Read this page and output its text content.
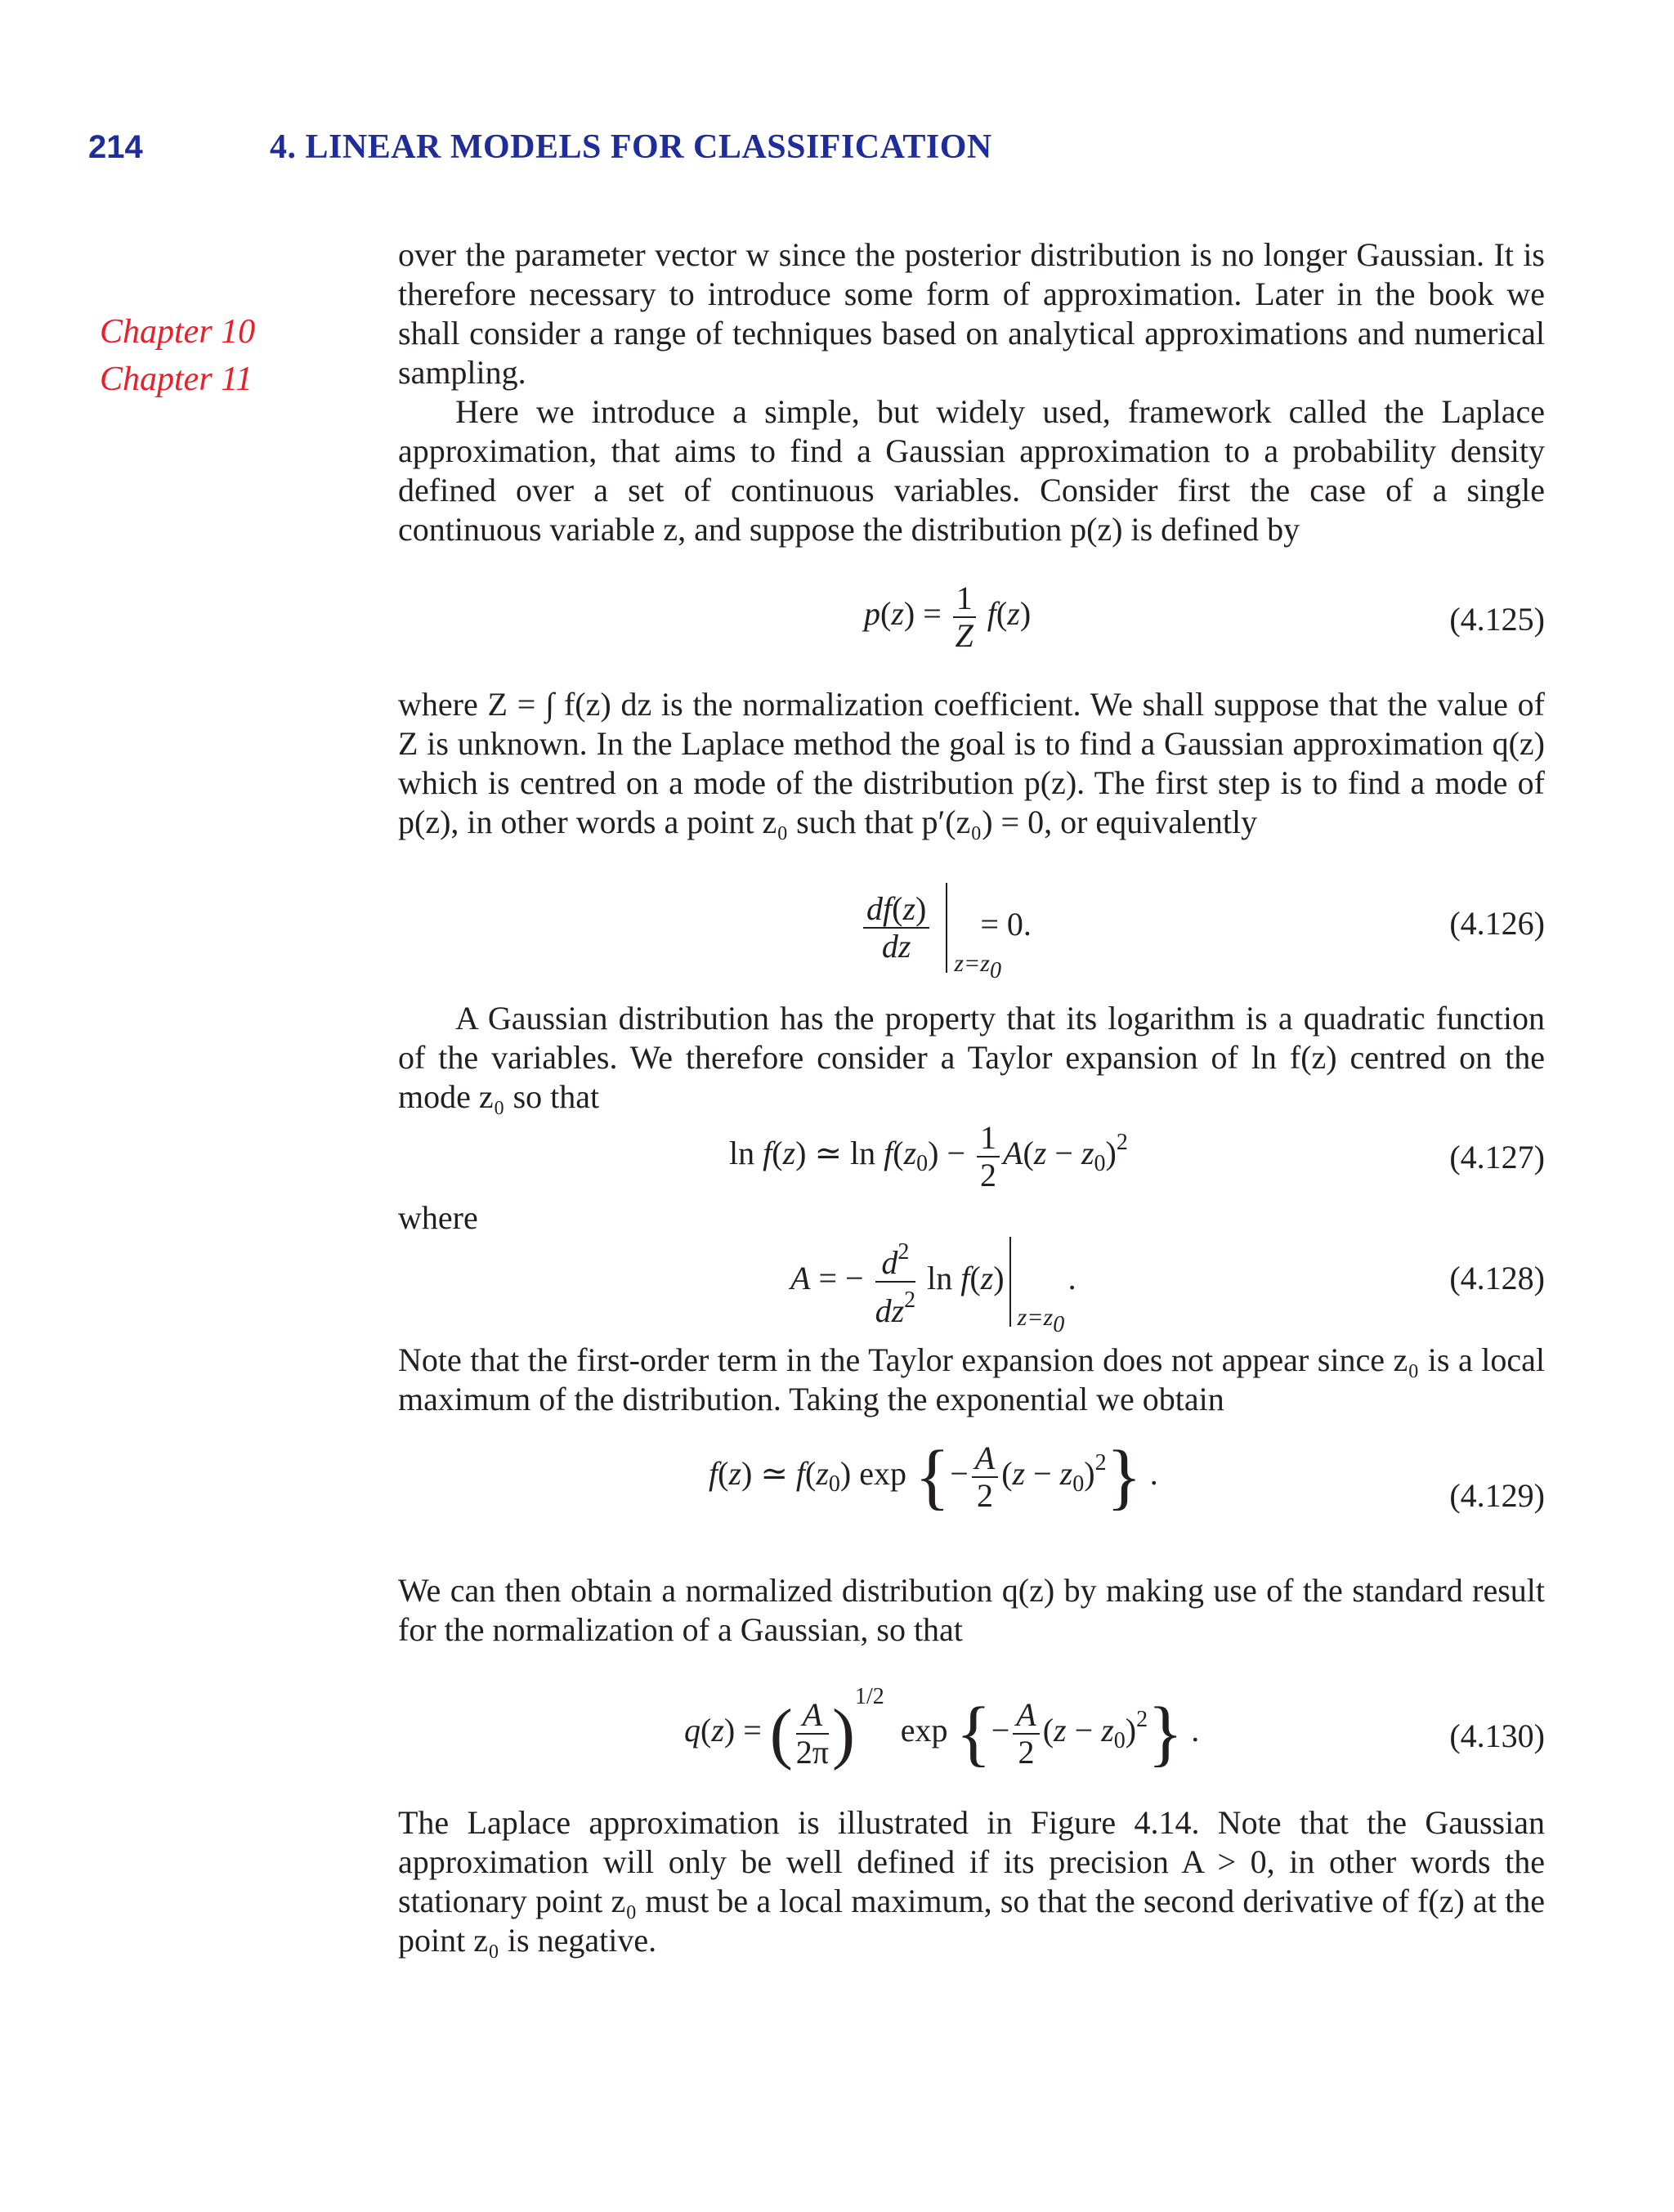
214	4. LINEAR MODELS FOR CLASSIFICATION
Chapter 10
Chapter 11

over the parameter vector w since the posterior distribution is no longer Gaussian. It is therefore necessary to introduce some form of approximation. Later in the book we shall consider a range of techniques based on analytical approximations and numerical sampling.

Here we introduce a simple, but widely used, framework called the Laplace approximation, that aims to find a Gaussian approximation to a probability density defined over a set of continuous variables. Consider first the case of a single continuous variable z, and suppose the distribution p(z) is defined by

$p(z) = \frac{1}{Z} f(z)$	(4.125)

where Z = ∫ f(z) dz is the normalization coefficient. We shall suppose that the value of Z is unknown. In the Laplace method the goal is to find a Gaussian approximation q(z) which is centred on a mode of the distribution p(z). The first step is to find a mode of p(z), in other words a point z₀ such that p′(z₀) = 0, or equivalently

$\frac{df(z)}{dz}$
z=z0
= 0.	(4.126)

A Gaussian distribution has the property that its logarithm is a quadratic function of the variables. We therefore consider a Taylor expansion of ln f(z) centred on the mode z₀ so that

ln f(z) ≃ $\ln f(z_0) - \frac{1}{2} A(z - z_0)^2$	(4.127)

where

A = − $\frac{d^2}{dz^2}$ ln f(z)
z=z0
.	(4.128)

Note that the first-order term in the Taylor expansion does not appear since z₀ is a local maximum of the distribution. Taking the exponential we obtain

f(z) ≃ $f(z_0)$ exp {− $\frac{A}{2} (z - z_0)^2$} .
(4.129)

We can then obtain a normalized distribution q(z) by making use of the standard result for the normalization of a Gaussian, so that

q(z) = ( $\frac{A}{2\pi} )^{1/2}$  exp {− $\frac{A}{2} (z - z_0)^2$} .	(4.130)

The Laplace approximation is illustrated in Figure 4.14. Note that the Gaussian approximation will only be well defined if its precision A > 0, in other words the stationary point z₀ must be a local maximum, so that the second derivative of f(z) at the point z₀ is negative.
